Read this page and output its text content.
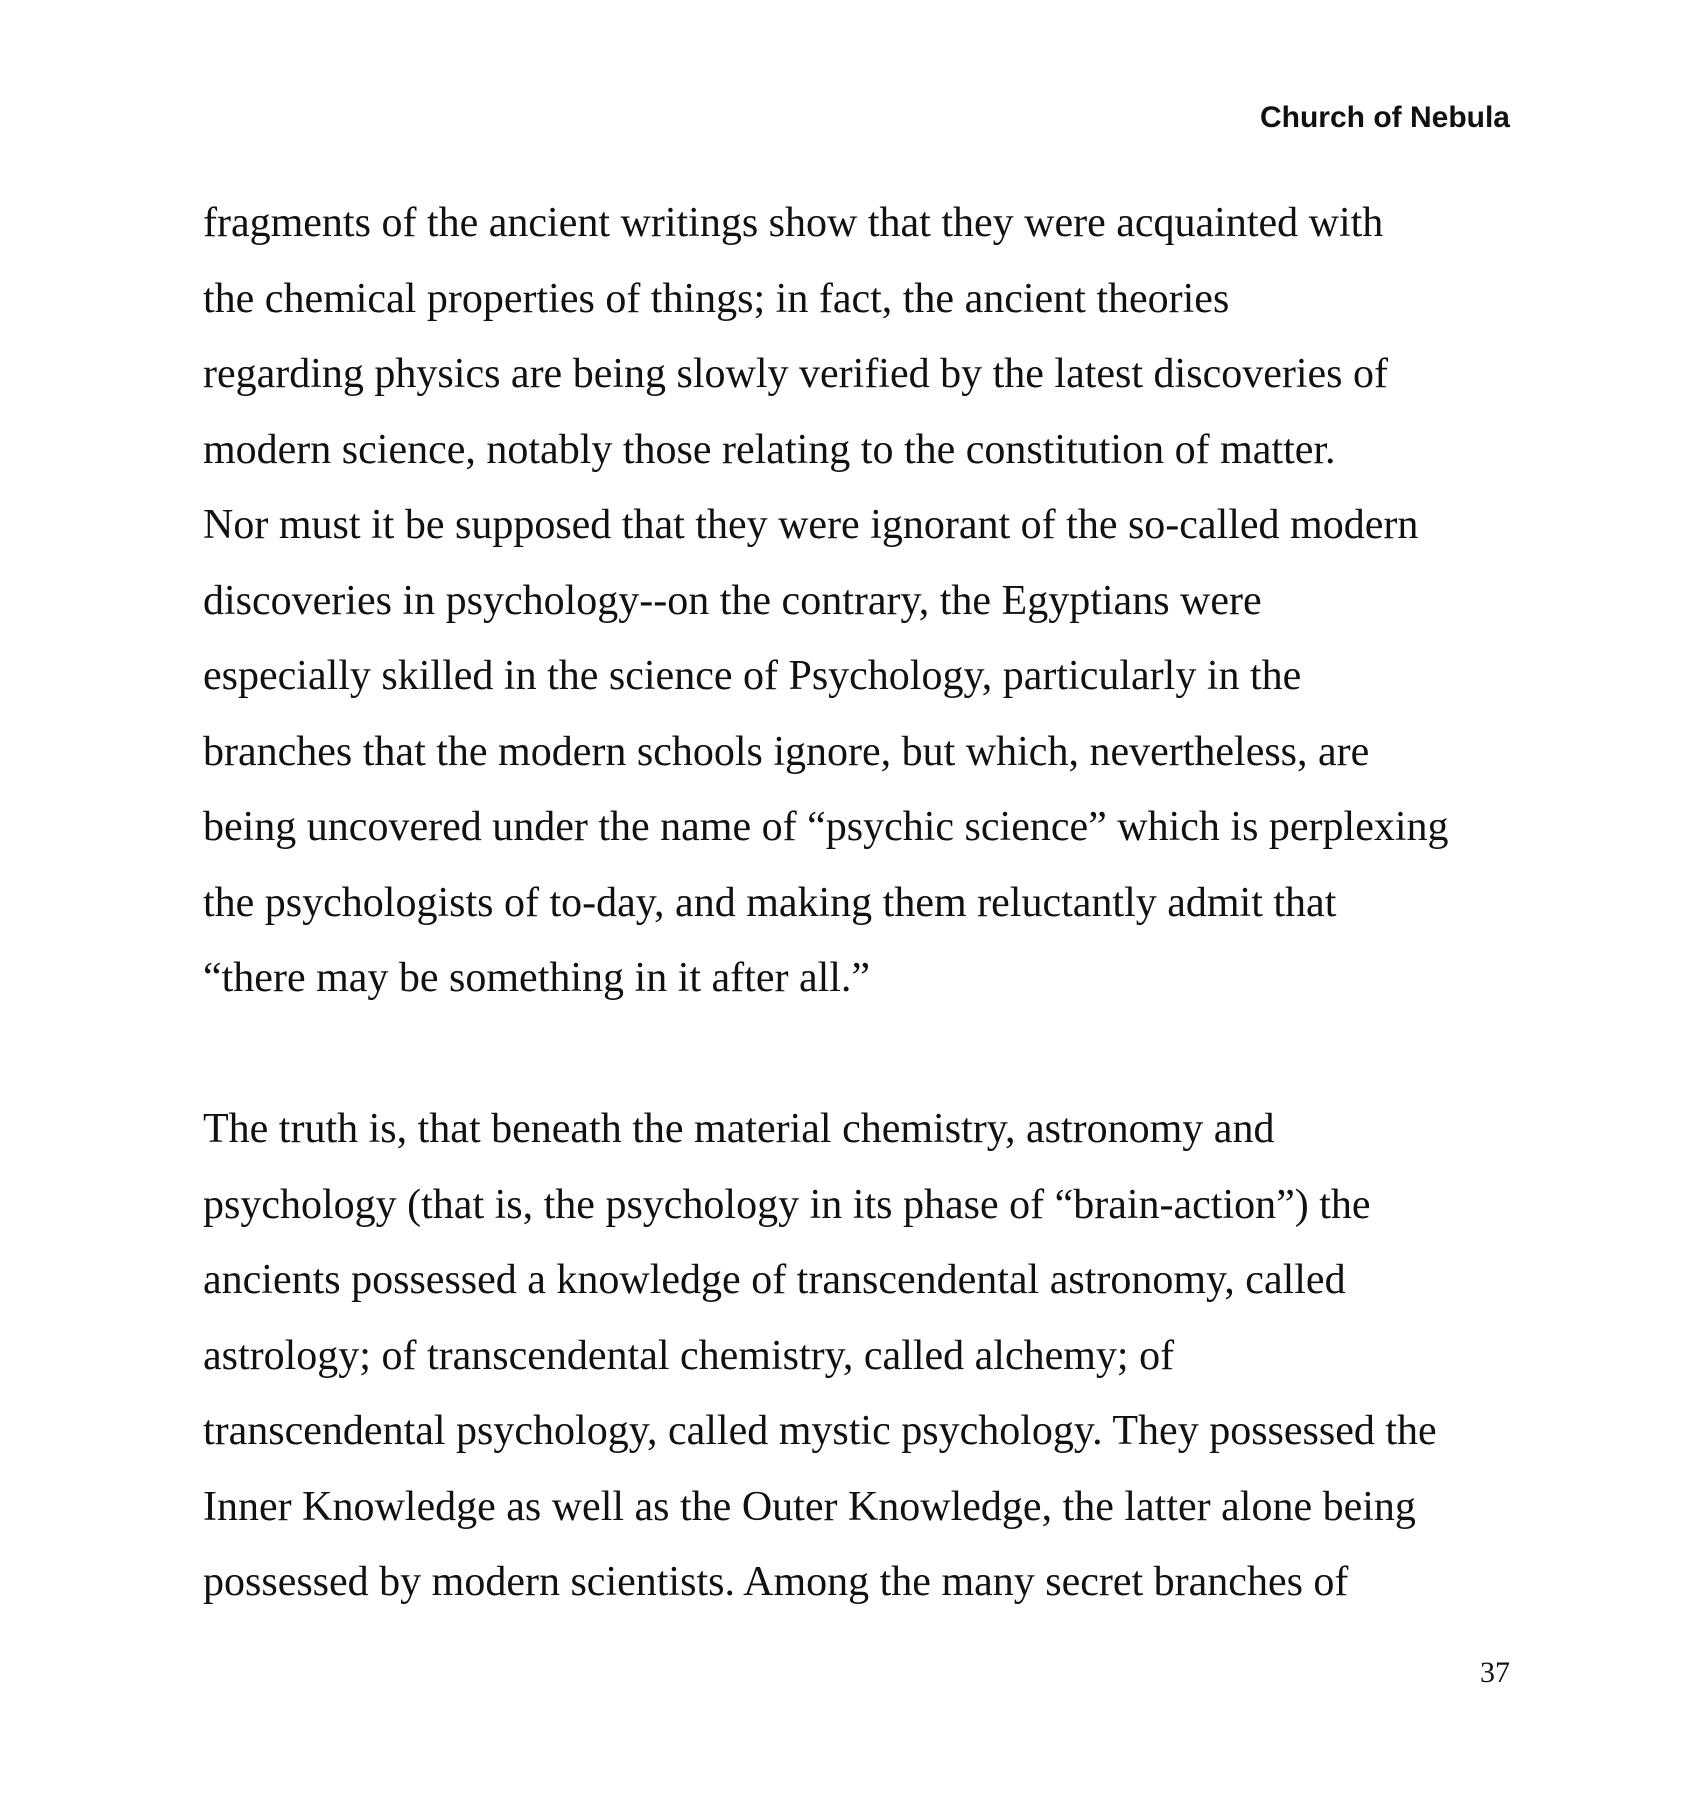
Church of Nebula
fragments of the ancient writings show that they were acquainted with
the chemical properties of things; in fact, the ancient theories
regarding physics are being slowly verified by the latest discoveries of
modern science, notably those relating to the constitution of matter.
Nor must it be supposed that they were ignorant of the so-called modern
discoveries in psychology--on the contrary, the Egyptians were
especially skilled in the science of Psychology, particularly in the
branches that the modern schools ignore, but which, nevertheless, are
being uncovered under the name of “psychic science” which is perplexing
the psychologists of to-day, and making them reluctantly admit that
“there may be something in it after all.”
The truth is, that beneath the material chemistry, astronomy and
psychology (that is, the psychology in its phase of “brain-action”) the
ancients possessed a knowledge of transcendental astronomy, called
astrology; of transcendental chemistry, called alchemy; of
transcendental psychology, called mystic psychology. They possessed the
Inner Knowledge as well as the Outer Knowledge, the latter alone being
possessed by modern scientists. Among the many secret branches of
37
